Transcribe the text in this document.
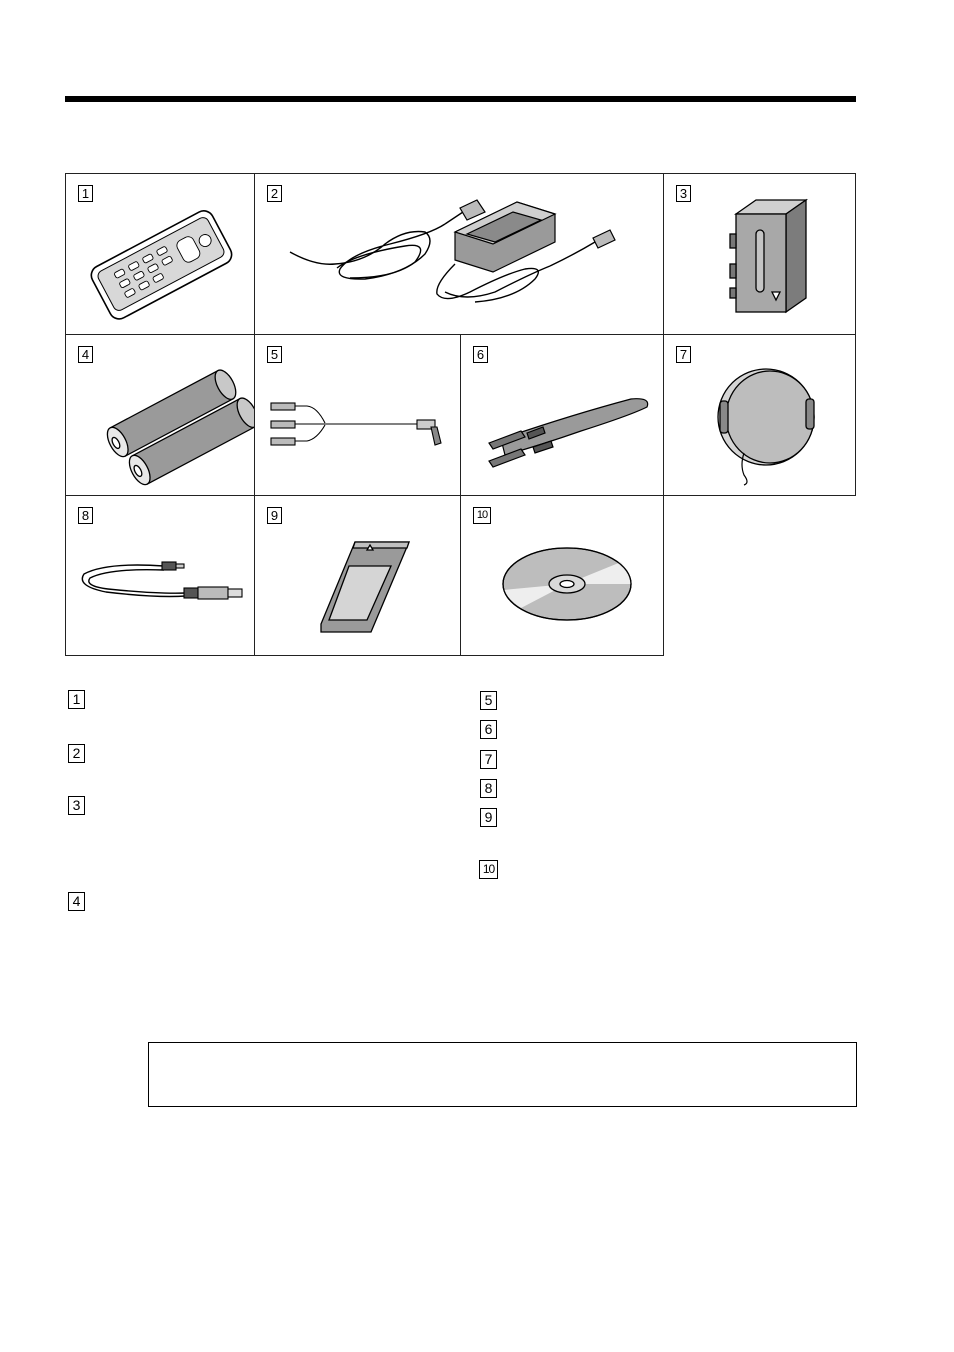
1	2	3
4	5	6	7
8	9	10
1
2
3
4
5
6
7
8
9
10
